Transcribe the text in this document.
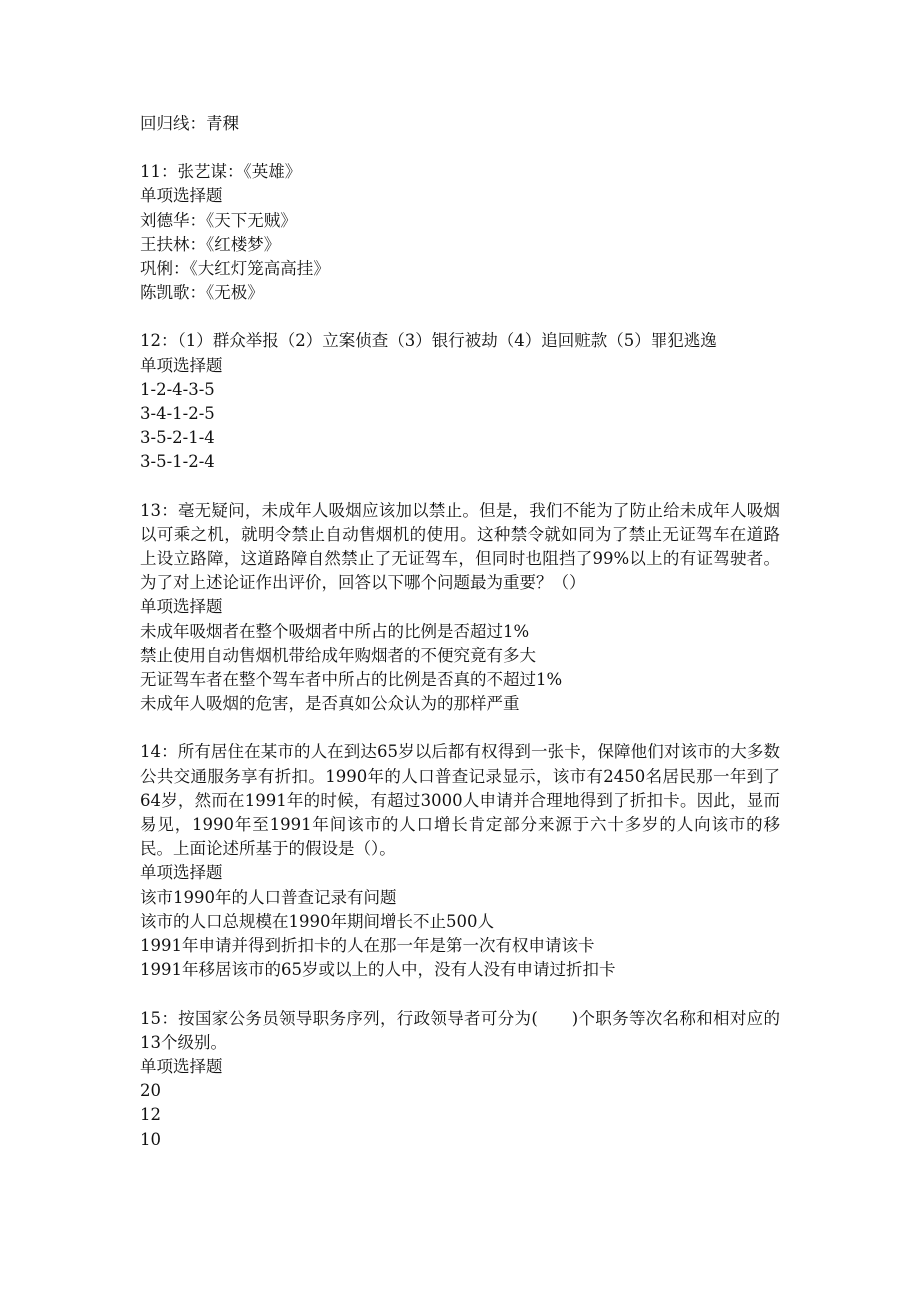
回归线：青稞
11：张艺谋：《英雄》
单项选择题
刘德华：《天下无贼》
王扶林：《红楼梦》
巩俐：《大红灯笼高高挂》
陈凯歌：《无极》
12：（1）群众举报（2）立案侦查（3）银行被劫（4）追回赃款（5）罪犯逃逸
单项选择题
1-2-4-3-5
3-4-1-2-5
3-5-2-1-4
3-5-1-2-4
13：毫无疑问，未成年人吸烟应该加以禁止。但是，我们不能为了防止给未成年人吸烟以可乘之机，就明令禁止自动售烟机的使用。这种禁令就如同为了禁止无证驾车在道路上设立路障，这道路障自然禁止了无证驾车，但同时也阻挡了99%以上的有证驾驶者。为了对上述论证作出评价，回答以下哪个问题最为重要？（）
单项选择题
未成年吸烟者在整个吸烟者中所占的比例是否超过1%
禁止使用自动售烟机带给成年购烟者的不便究竟有多大
无证驾车者在整个驾车者中所占的比例是否真的不超过1%
未成年人吸烟的危害，是否真如公众认为的那样严重
14：所有居住在某市的人在到达65岁以后都有权得到一张卡，保障他们对该市的大多数公共交通服务享有折扣。1990年的人口普查记录显示，该市有2450名居民那一年到了64岁，然而在1991年的时候，有超过3000人申请并合理地得到了折扣卡。因此，显而易见，1990年至1991年间该市的人口增长肯定部分来源于六十多岁的人向该市的移民。上面论述所基于的假设是（）。
单项选择题
该市1990年的人口普查记录有问题
该市的人口总规模在1990年期间增长不止500人
1991年申请并得到折扣卡的人在那一年是第一次有权申请该卡
1991年移居该市的65岁或以上的人中，没有人没有申请过折扣卡
15：按国家公务员领导职务序列，行政领导者可分为(　　)个职务等次名称和相对应的13个级别。
单项选择题
20
12
10
